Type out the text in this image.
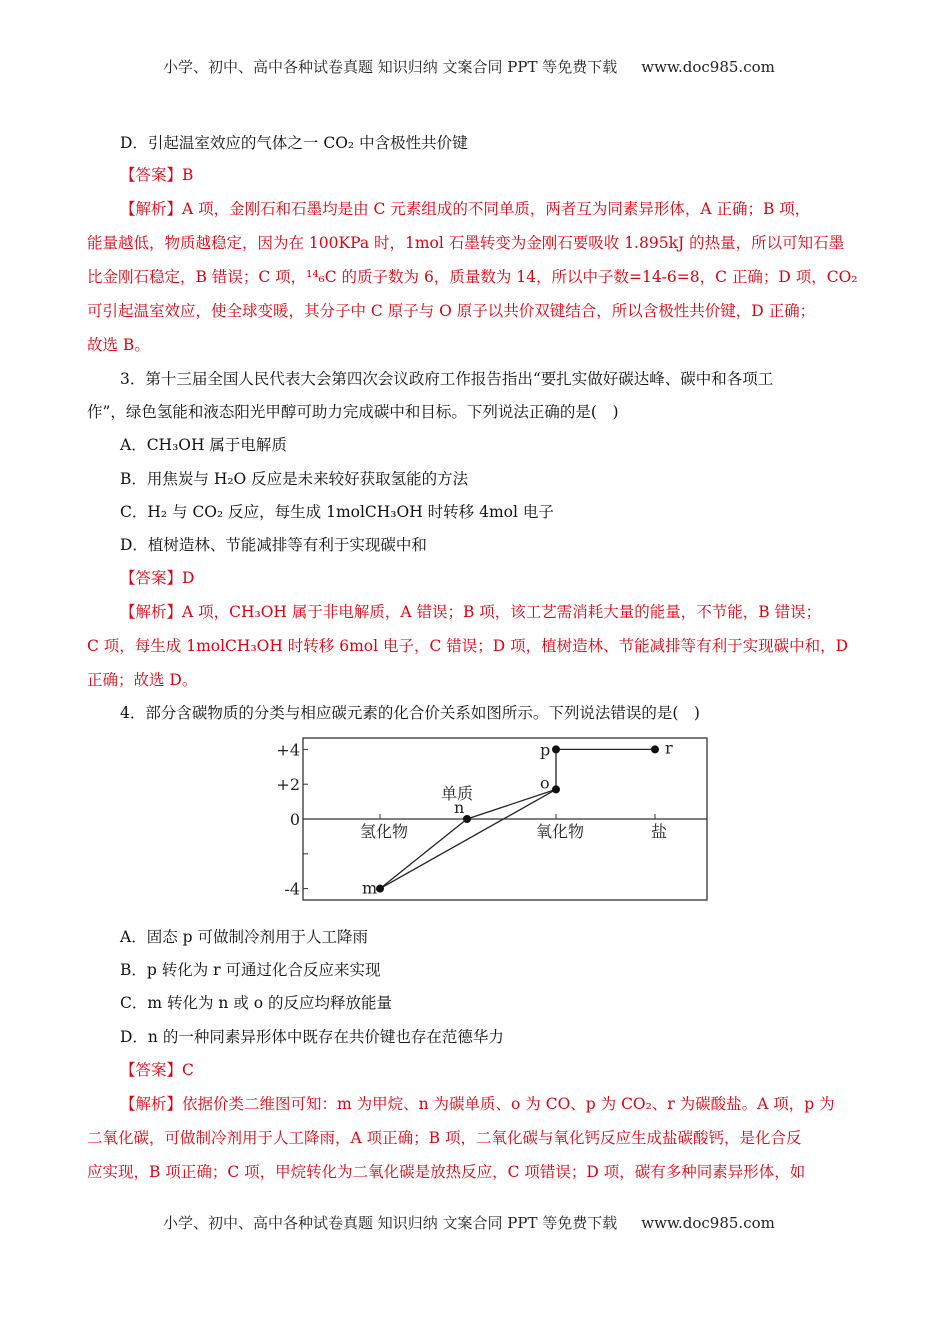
小学、初中、高中各种试卷真题 知识归纳 文案合同 PPT 等免费下载 www.doc985.com
D．引起温室效应的气体之一 CO₂ 中含极性共价键
【答案】B
【解析】A 项，金刚石和石墨均是由 C 元素组成的不同单质，两者互为同素异形体，A 正确；B 项，
能量越低，物质越稳定，因为在 100KPa 时，1mol 石墨转变为金刚石要吸收 1.895kJ 的热量，所以可知石墨
比金刚石稳定，B 错误；C 项，¹⁴₆C 的质子数为 6，质量数为 14，所以中子数=14-6=8，C 正确；D 项，CO₂
可引起温室效应，使全球变暖，其分子中 C 原子与 O 原子以共价双键结合，所以含极性共价键，D 正确；
故选 B。
3．第十三届全国人民代表大会第四次会议政府工作报告指出“要扎实做好碳达峰、碳中和各项工
作”，绿色氢能和液态阳光甲醇可助力完成碳中和目标。下列说法正确的是(　)
A．CH₃OH 属于电解质
B．用焦炭与 H₂O 反应是未来较好获取氢能的方法
C．H₂ 与 CO₂ 反应，每生成 1molCH₃OH 时转移 4mol 电子
D．植树造林、节能减排等有利于实现碳中和
【答案】D
【解析】A 项，CH₃OH 属于非电解质，A 错误；B 项，该工艺需消耗大量的能量，不节能，B 错误；
C 项，每生成 1molCH₃OH 时转移 6mol 电子，C 错误；D 项，植树造林、节能减排等有利于实现碳中和，D
正确；故选 D。
4．部分含碳物质的分类与相应碳元素的化合价关系如图所示。下列说法错误的是(　)
+4
+2
0
-4
氢化物	氧化物	盐
m
n
o
p	r
单质
A．固态 p 可做制冷剂用于人工降雨
B．p 转化为 r 可通过化合反应来实现
C．m 转化为 n 或 o 的反应均释放能量
D．n 的一种同素异形体中既存在共价键也存在范德华力
【答案】C
【解析】依据价类二维图可知：m 为甲烷、n 为碳单质、o 为 CO、p 为 CO₂、r 为碳酸盐。A 项，p 为
二氧化碳，可做制冷剂用于人工降雨，A 项正确；B 项，二氧化碳与氧化钙反应生成盐碳酸钙，是化合反
应实现，B 项正确；C 项，甲烷转化为二氧化碳是放热反应，C 项错误；D 项，碳有多种同素异形体，如
小学、初中、高中各种试卷真题 知识归纳 文案合同 PPT 等免费下载 www.doc985.com
